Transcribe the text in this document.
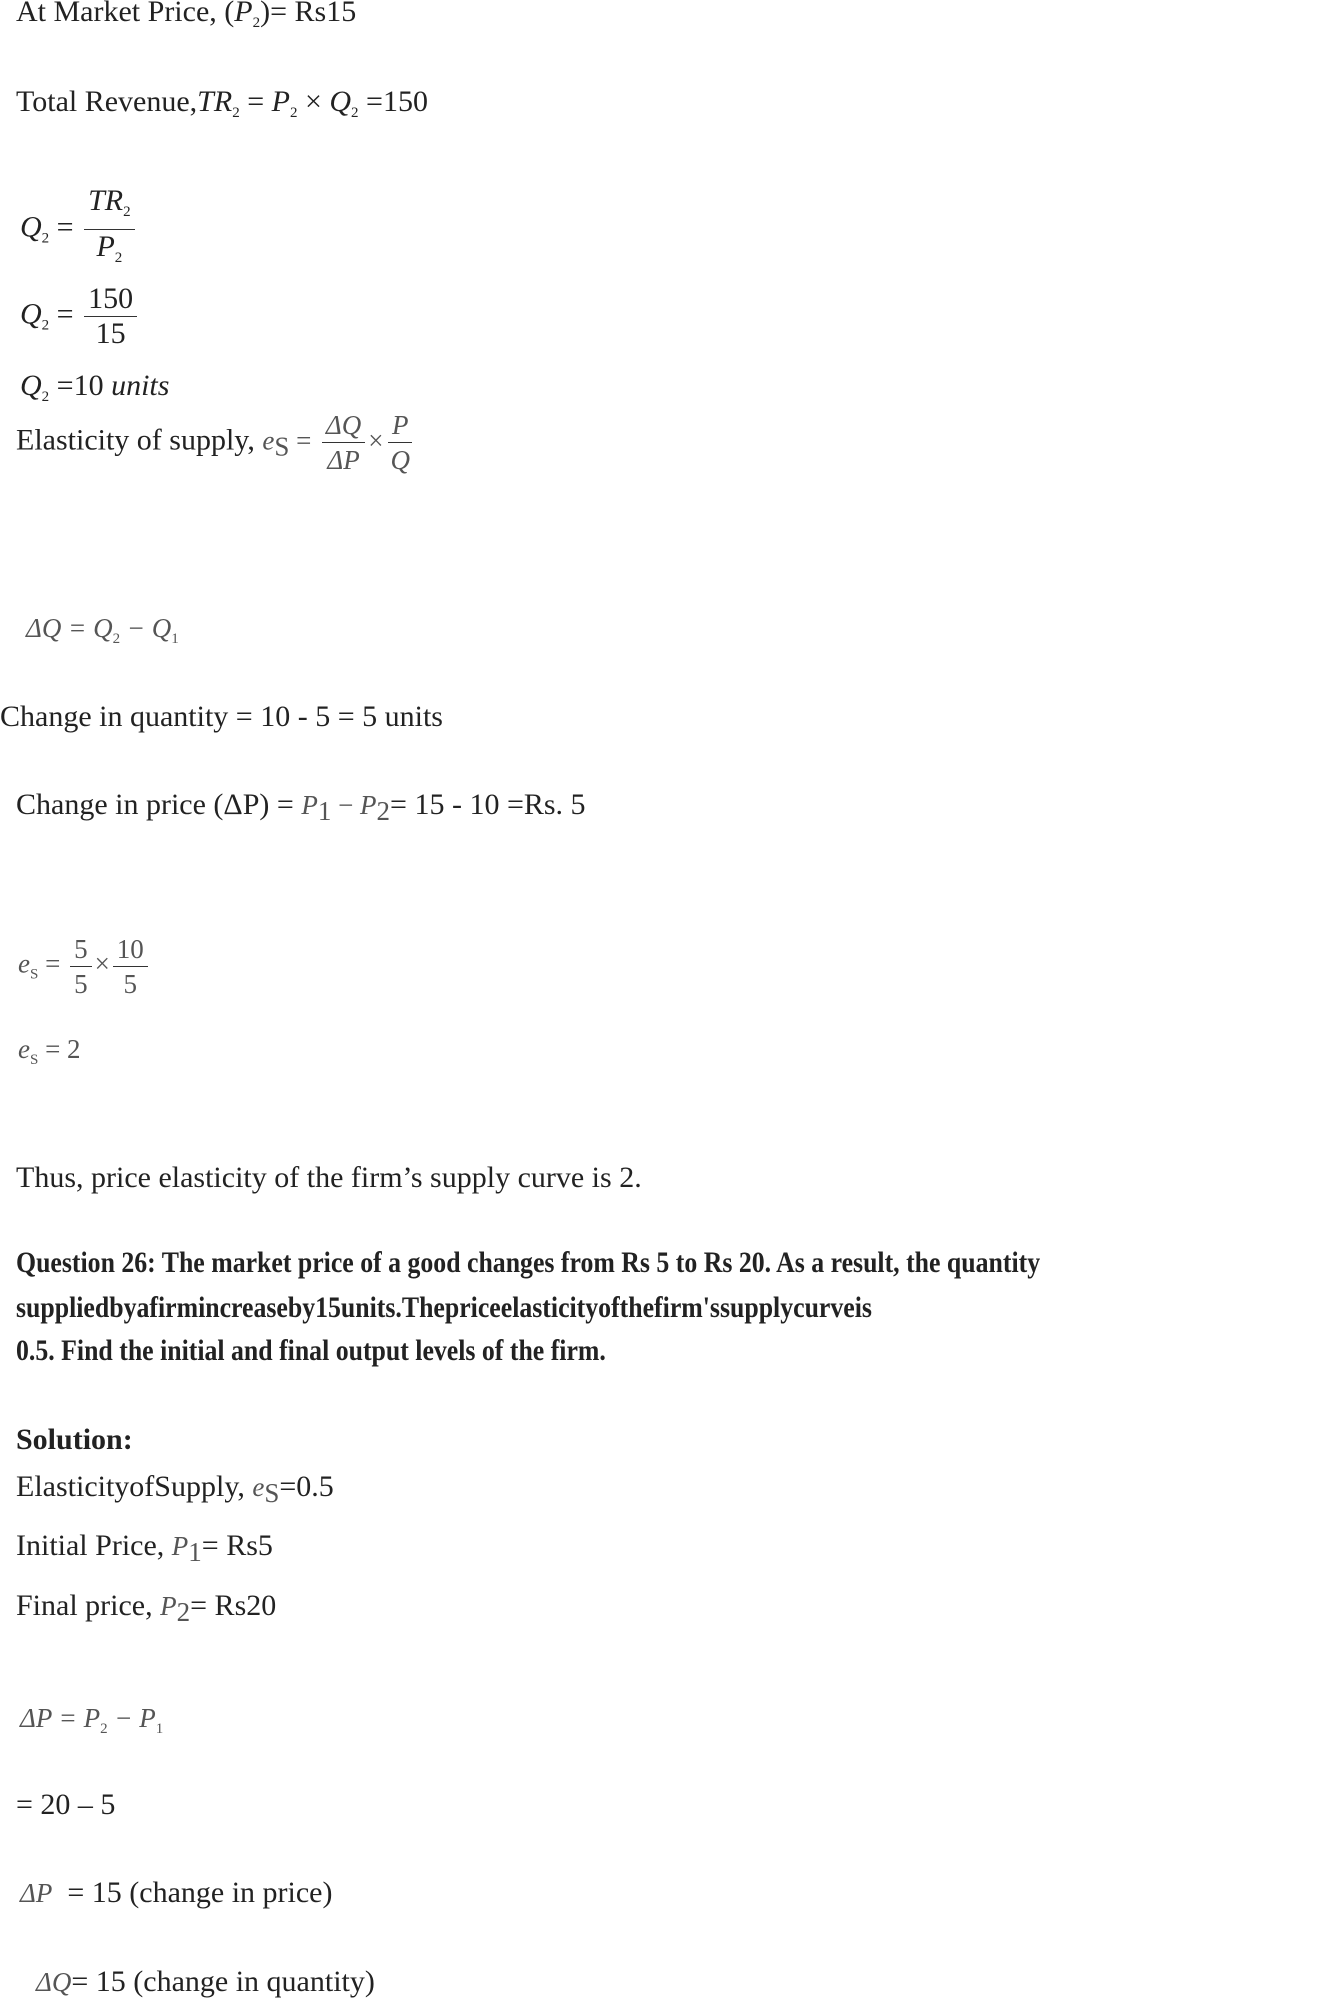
At Market Price, $(P_2)= Rs15$
Total $Revenue,TR_2 = P_2 \times Q_2 =150$
$Q_2 = \frac{TR_2}{P_2}$
$Q_2 = \frac{150}{15}$
$Q_2 =10$ units
Elasticity of supply, $e_S = \frac{\Delta Q}{\Delta P} \times \frac{P}{Q}$
$\Delta Q = Q_2 - Q_1$
Change in quantity = 10 - 5 = 5 units
Change in price $(\Delta P) = P_1 - P_2= 15 - 10 =Rs$. 5
$e_S = \frac{5}{5} \times \frac{10}{5}$
$e_S = 2$
Thus, price elasticity of the firm’s supply curve is 2.
Question 26: The market price of a good changes from Rs 5 to Rs 20. As a result, the quantity
suppliedbyafirmincreaseby15units.Thepriceelasticityofthefirm'ssupplycurveis
0.5. Find the initial and final output levels of the firm.
Solution:
ElasticityofSupply, $e_S=0.5$
Initial Price, $P_1= Rs5$
Final price, $P_2= Rs20$
$\Delta P = P_2 - P_1$
= 20 – 5
ΔP  = 15 (change in price)
ΔQ= 15 (change in quantity)
